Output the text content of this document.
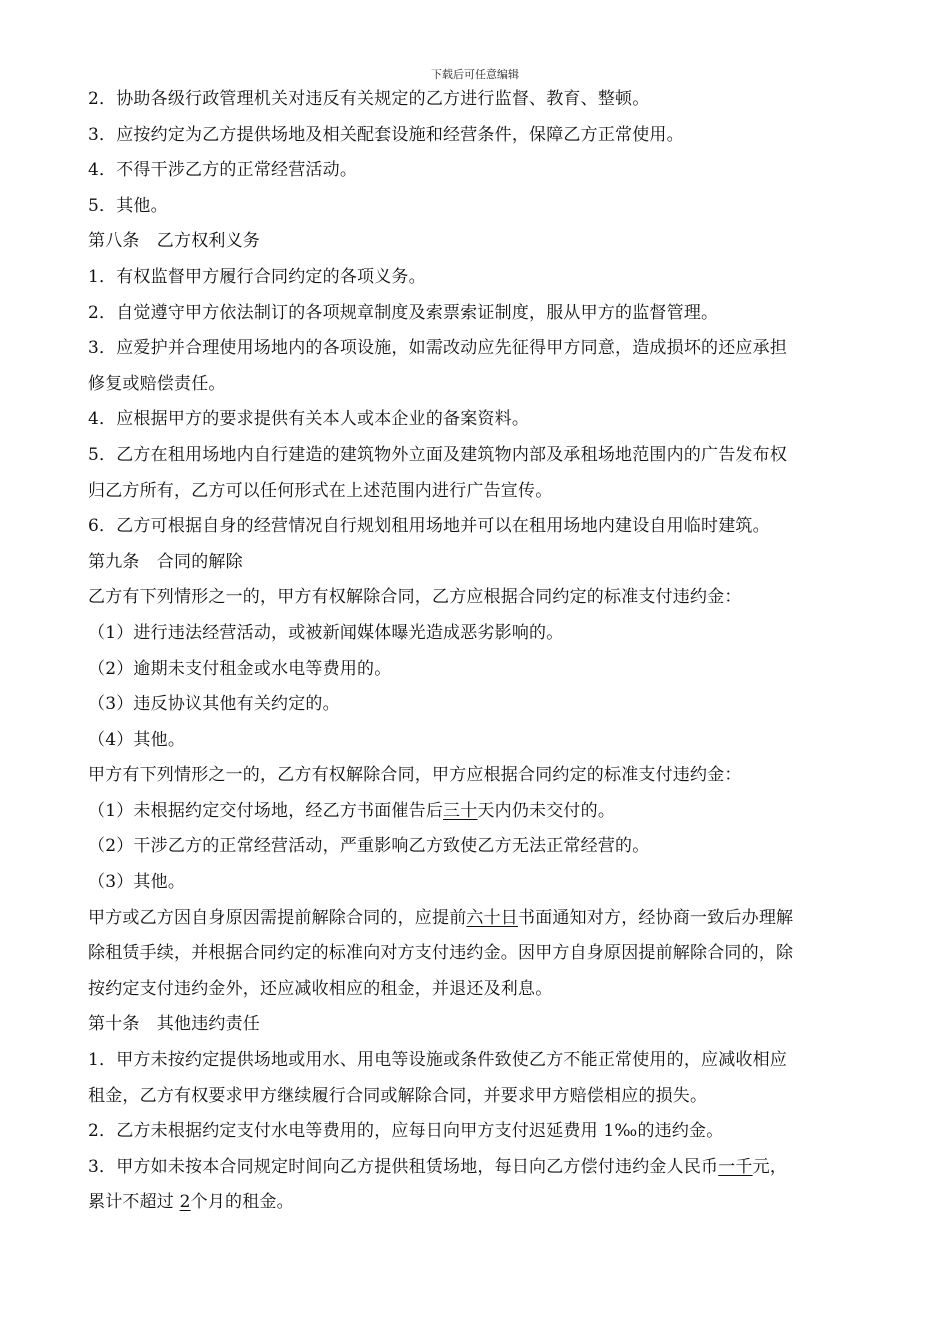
下载后可任意编辑
2．协助各级行政管理机关对违反有关规定的乙方进行监督、教育、整顿。
3．应按约定为乙方提供场地及相关配套设施和经营条件，保障乙方正常使用。
4．不得干涉乙方的正常经营活动。
5．其他。
第八条　乙方权利义务
1．有权监督甲方履行合同约定的各项义务。
2．自觉遵守甲方依法制订的各项规章制度及索票索证制度，服从甲方的监督管理。
3．应爱护并合理使用场地内的各项设施，如需改动应先征得甲方同意，造成损坏的还应承担
修复或赔偿责任。
4．应根据甲方的要求提供有关本人或本企业的备案资料。
5．乙方在租用场地内自行建造的建筑物外立面及建筑物内部及承租场地范围内的广告发布权
归乙方所有，乙方可以任何形式在上述范围内进行广告宣传。
6．乙方可根据自身的经营情况自行规划租用场地并可以在租用场地内建设自用临时建筑。
第九条　合同的解除
乙方有下列情形之一的，甲方有权解除合同，乙方应根据合同约定的标准支付违约金：
（1）进行违法经营活动，或被新闻媒体曝光造成恶劣影响的。
（2）逾期未支付租金或水电等费用的。
（3）违反协议其他有关约定的。
（4）其他。
甲方有下列情形之一的，乙方有权解除合同，甲方应根据合同约定的标准支付违约金：
（1）未根据约定交付场地，经乙方书面催告后三十天内仍未交付的。
（2）干涉乙方的正常经营活动，严重影响乙方致使乙方无法正常经营的。
（3）其他。
甲方或乙方因自身原因需提前解除合同的，应提前六十日书面通知对方，经协商一致后办理解
除租赁手续，并根据合同约定的标准向对方支付违约金。因甲方自身原因提前解除合同的，除
按约定支付违约金外，还应减收相应的租金，并退还及利息。
第十条　其他违约责任
1．甲方未按约定提供场地或用水、用电等设施或条件致使乙方不能正常使用的，应减收相应
租金，乙方有权要求甲方继续履行合同或解除合同，并要求甲方赔偿相应的损失。
2．乙方未根据约定支付水电等费用的，应每日向甲方支付迟延费用 1‰的违约金。
3．甲方如未按本合同规定时间向乙方提供租赁场地，每日向乙方偿付违约金人民币一千元，
累计不超过 2个月的租金。
